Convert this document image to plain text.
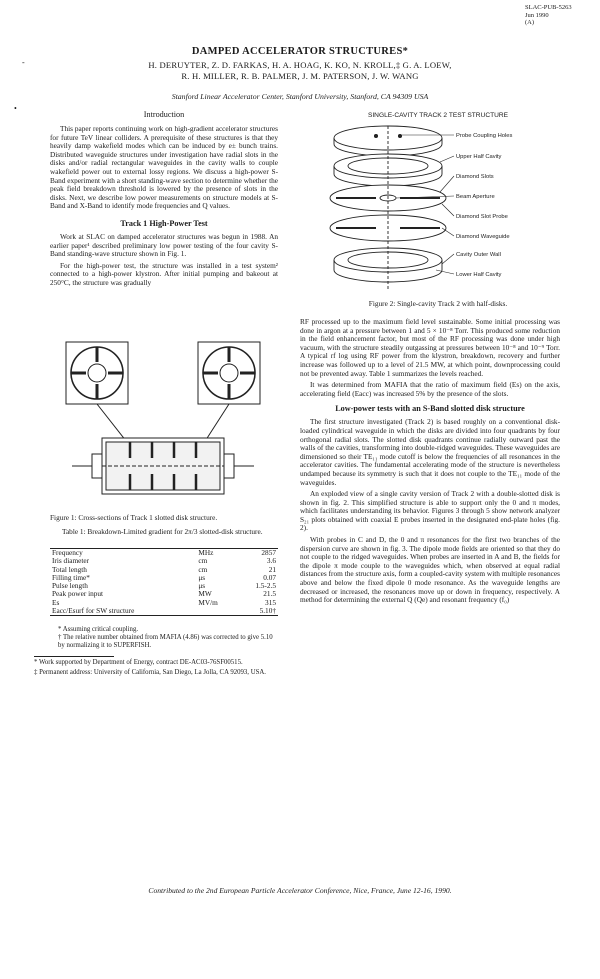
SLAC-PUB-5263
Jun 1990
(A)
-
DAMPED ACCELERATOR STRUCTURES*
H. DERUYTER, Z. D. FARKAS, H. A. HOAG, K. KO, N. KROLL,‡ G. A. LOEW,
R. H. MILLER, R. B. PALMER, J. M. PATERSON, J. W. WANG
Stanford Linear Accelerator Center, Stanford University, Stanford, CA 94309 USA
•
Introduction

This paper reports continuing work on high-gradient accelerator structures for future TeV linear colliders. A prerequisite of these structures is that they heavily damp wakefield modes which can be induced by e± bunch trains. Distributed waveguide structures under investigation have radial slots in the disks and/or radial rectangular waveguides in the cavity walls to couple wakefield power out to external lossy regions. We discuss a high-power S-Band experiment with a short standing-wave section to determine whether the peak field breakdown threshold is lowered by the presence of slots in the disks. Next, we describe low power measurements on structure models at S-Band and X-Band to identify mode frequencies and Q values.

Track 1 High-Power Test

Work at SLAC on damped accelerator structures was begun in 1988. An earlier paper¹ described preliminary low power testing of the four cavity S-Band standing-wave structure shown in Fig. 1.

For the high-power test, the structure was installed in a test system² connected to a high-power klystron. After initial pumping and bakeout at 250°C, the structure was gradually

Figure 1: Cross-sections of Track 1 slotted disk structure.
Table 1: Breakdown-Limited gradient for 2π/3 slotted-disk structure.
Frequency	MHz	2857
Iris diameter	cm	3.6
Total length	cm	21
Filling time*	μs	0.07
Pulse length	μs	1.5-2.5
Peak power input	MW	21.5
Es	MV/m	315
Eacc/Esurf for SW structure		5.10†
* Assuming critical coupling.
† The relative number obtained from MAFIA (4.86) was corrected to give 5.10 by normalizing it to SUPERFISH.
* Work supported by Department of Energy, contract DE-AC03-76SF00515.
‡ Permanent address: University of California, San Diego, La Jolla, CA 92093, USA.
SINGLE-CAVITY TRACK 2 TEST STRUCTURE
Probe Coupling Holes
Upper Half Cavity
Diamond Slots
Beam Aperture
Diamond Slot Probe
Diamond Waveguide
Cavity Outer Wall
Lower Half Cavity
Figure 2: Single-cavity Track 2 with half-disks.

RF processed up to the maximum field level sustainable. Some initial processing was done in argon at a pressure between 1 and 5 × 10⁻⁸ Torr. This produced some reduction in the field enhancement factor, but most of the RF processing was done under high vacuum, with the structure steadily outgassing at pressures between 10⁻⁸ and 10⁻⁹ Torr. A typical rf log using RF power from the klystron, breakdown, recovery and further increase was followed up to a level of 21.5 MW, at which point, downprocessing could not be prevented away. Table 1 summarizes the levels reached.

It was determined from MAFIA that the ratio of maximum field (Es) on the axis, accelerating field (Eacc) was increased 5% by the presence of the slots.

Low-power tests with an S-Band slotted disk structure

The first structure investigated (Track 2) is based roughly on a conventional disk-loaded cylindrical waveguide in which the disks are divided into four quadrants by four orthogonal radial slots. The slotted disk quadrants continue radially outward past the walls of the cavities, transforming into double-ridged waveguides. These waveguides are dimensioned so their TE₁₁ mode cutoff is below the frequencies of all resonances in the accelerator cavities. The fundamental accelerating mode of the structure is nevertheless undamped because its symmetry is such that it does not couple to the TE₁₁ mode of the waveguides.

An exploded view of a single cavity version of Track 2 with a double-slotted disk is shown in fig. 2. This simplified structure is able to support only the 0 and π modes, which facilitates understanding its behavior. Figures 3 through 5 show network analyzer S₂₁ plots obtained with coaxial E probes inserted in the designated end-plate holes (fig. 2).

With probes in C and D, the 0 and π resonances for the first two branches of the dispersion curve are shown in fig. 3. The dipole mode fields are oriented so that they do not couple to the ridged waveguides. When probes are inserted in A and B, the fields for the dipole π mode couple to the waveguides which, when observed at equal radial distances from the structure axis, form a coupled-cavity system with multiple resonances above and below the fixed dipole 0 mode resonance. As the waveguide lengths are decreased or increased, the resonances move up or down in frequency, respectively. A method for determining the external Q (Qe) and resonant frequency (f₀)

Contributed to the 2nd European Particle Accelerator Conference, Nice, France, June 12-16, 1990.
